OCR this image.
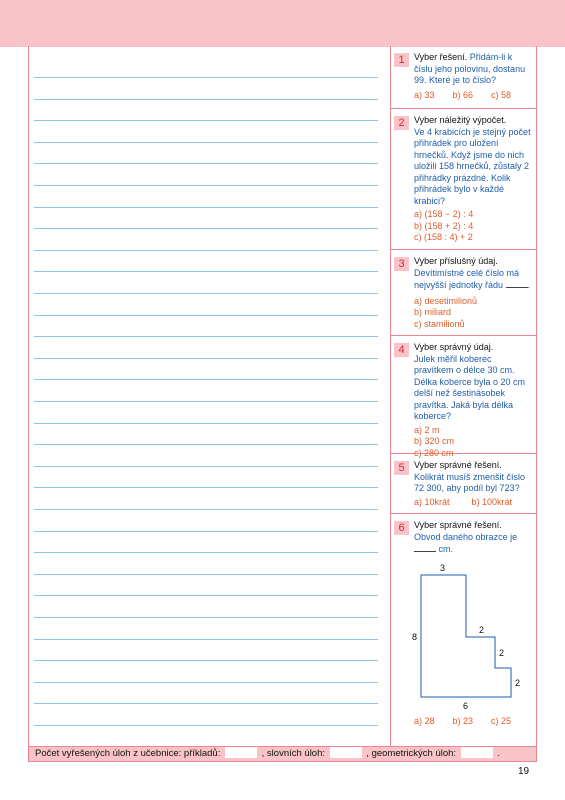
1	Vyber řešení. Přidám-li k číslu jeho polovinu, dostanu 99. Které je to číslo?
a) 33 b) 66 c) 58
2	Vyber náležitý výpočet.
Ve 4 krabicích je stejný počet přihrádek pro uložení hrnečků. Když jsme do nich uložili 158 hrnečků, zůstaly 2 přihrádky prázdné. Kolik přihrádek bylo v každé krabici?
a) (158 − 2) : 4
b) (158 + 2) : 4
c) (158 : 4) + 2
3	Vyber příslušný údaj.
Devítimístné celé číslo má nejvyšší jednotky řádu	.
a) desetimilionů
b) miliard
c) stamilionů
4	Vyber správný údaj.
Julek měřil koberec pravítkem o délce 30 cm. Délka koberce byla o 20 cm delší než šestinásobek pravítka. Jaká byla délka koberce?
a) 2 m
b) 320 cm
c) 280 cm
5	Vyber správné řešení.
Kolikrát musíš zmenšit číslo 72 300, aby podíl byl 723?
a) 10krát b) 100krát
6	Vyber správné řešení.
Obvod daného obrazce je  cm.
3
8
2
2
2
6
a) 28 b) 23 c) 25
Počet vyřešených úloh z učebnice: příkladů:	, slovních úloh:	, geometrických úloh:	.
19
